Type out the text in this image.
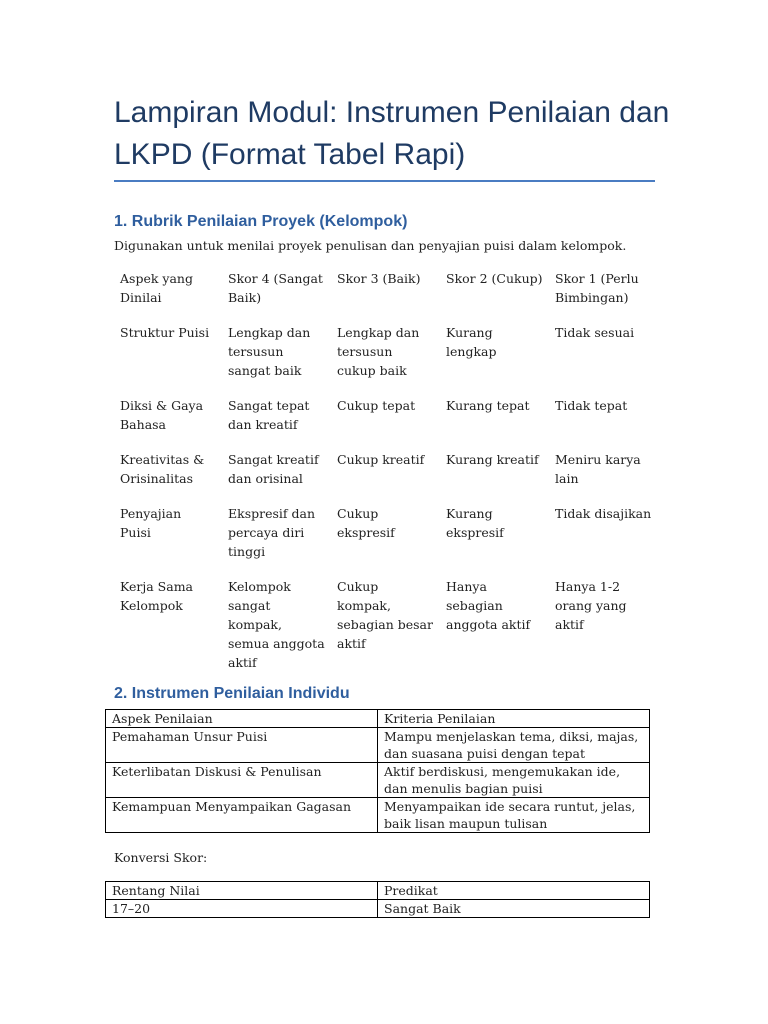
Lampiran Modul: Instrumen Penilaian dan LKPD (Format Tabel Rapi)
1. Rubrik Penilaian Proyek (Kelompok)

Digunakan untuk menilai proyek penulisan dan penyajian puisi dalam kelompok.

Aspek yang Dinilai	Skor 4 (Sangat Baik)	Skor 3 (Baik)	Skor 2 (Cukup)	Skor 1 (Perlu Bimbingan)
Struktur Puisi	Lengkap dan tersusun sangat baik	Lengkap dan tersusun cukup baik	Kurang lengkap	Tidak sesuai
Diksi & Gaya Bahasa	Sangat tepat dan kreatif	Cukup tepat	Kurang tepat	Tidak tepat
Kreativitas & Orisinalitas	Sangat kreatif dan orisinal	Cukup kreatif	Kurang kreatif	Meniru karya lain
Penyajian Puisi	Ekspresif dan percaya diri tinggi	Cukup ekspresif	Kurang ekspresif	Tidak disajikan
Kerja Sama Kelompok	Kelompok sangat kompak, semua anggota aktif	Cukup kompak, sebagian besar aktif	Hanya sebagian anggota aktif	Hanya 1-2 orang yang aktif
2. Instrumen Penilaian Individu
Aspek Penilaian	Kriteria Penilaian
Pemahaman Unsur Puisi	Mampu menjelaskan tema, diksi, majas, dan suasana puisi dengan tepat
Keterlibatan Diskusi & Penulisan	Aktif berdiskusi, mengemukakan ide, dan menulis bagian puisi
Kemampuan Menyampaikan Gagasan	Menyampaikan ide secara runtut, jelas, baik lisan maupun tulisan

Konversi Skor:

Rentang Nilai	Predikat
17–20	Sangat Baik
